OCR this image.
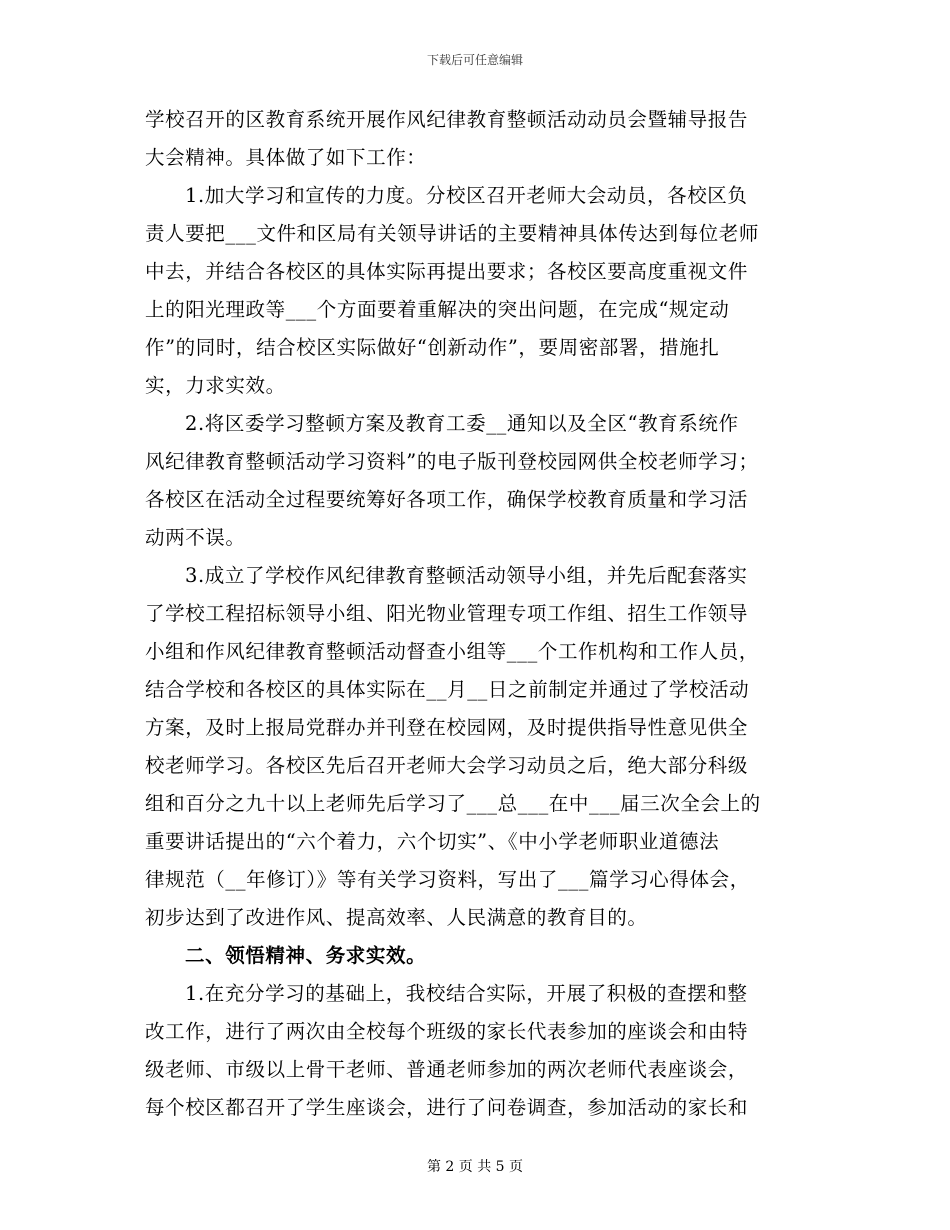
下载后可任意编辑
学校召开的区教育系统开展作风纪律教育整顿活动动员会暨辅导报告
大会精神。具体做了如下工作：
1.加大学习和宣传的力度。分校区召开老师大会动员，各校区负
责人要把___文件和区局有关领导讲话的主要精神具体传达到每位老师
中去，并结合各校区的具体实际再提出要求；各校区要高度重视文件
上的阳光理政等___个方面要着重解决的突出问题，在完成“规定动
作”的同时，结合校区实际做好“创新动作”，要周密部署，措施扎
实，力求实效。
2.将区委学习整顿方案及教育工委__通知以及全区“教育系统作
风纪律教育整顿活动学习资料”的电子版刊登校园网供全校老师学习；
各校区在活动全过程要统筹好各项工作，确保学校教育质量和学习活
动两不误。
3.成立了学校作风纪律教育整顿活动领导小组，并先后配套落实
了学校工程招标领导小组、阳光物业管理专项工作组、招生工作领导
小组和作风纪律教育整顿活动督查小组等___个工作机构和工作人员，
结合学校和各校区的具体实际在__月__日之前制定并通过了学校活动
方案，及时上报局党群办并刊登在校园网，及时提供指导性意见供全
校老师学习。各校区先后召开老师大会学习动员之后，绝大部分科级
组和百分之九十以上老师先后学习了___总___在中___届三次全会上的
重要讲话提出的“六个着力，六个切实”、《中小学老师职业道德法
律规范（__年修订）》等有关学习资料，写出了___篇学习心得体会，
初步达到了改进作风、提高效率、人民满意的教育目的。
二、领悟精神、务求实效。
1.在充分学习的基础上，我校结合实际，开展了积极的查摆和整
改工作，进行了两次由全校每个班级的家长代表参加的座谈会和由特
级老师、市级以上骨干老师、普通老师参加的两次老师代表座谈会，
每个校区都召开了学生座谈会，进行了问卷调查，参加活动的家长和
第 2 页 共 5 页
